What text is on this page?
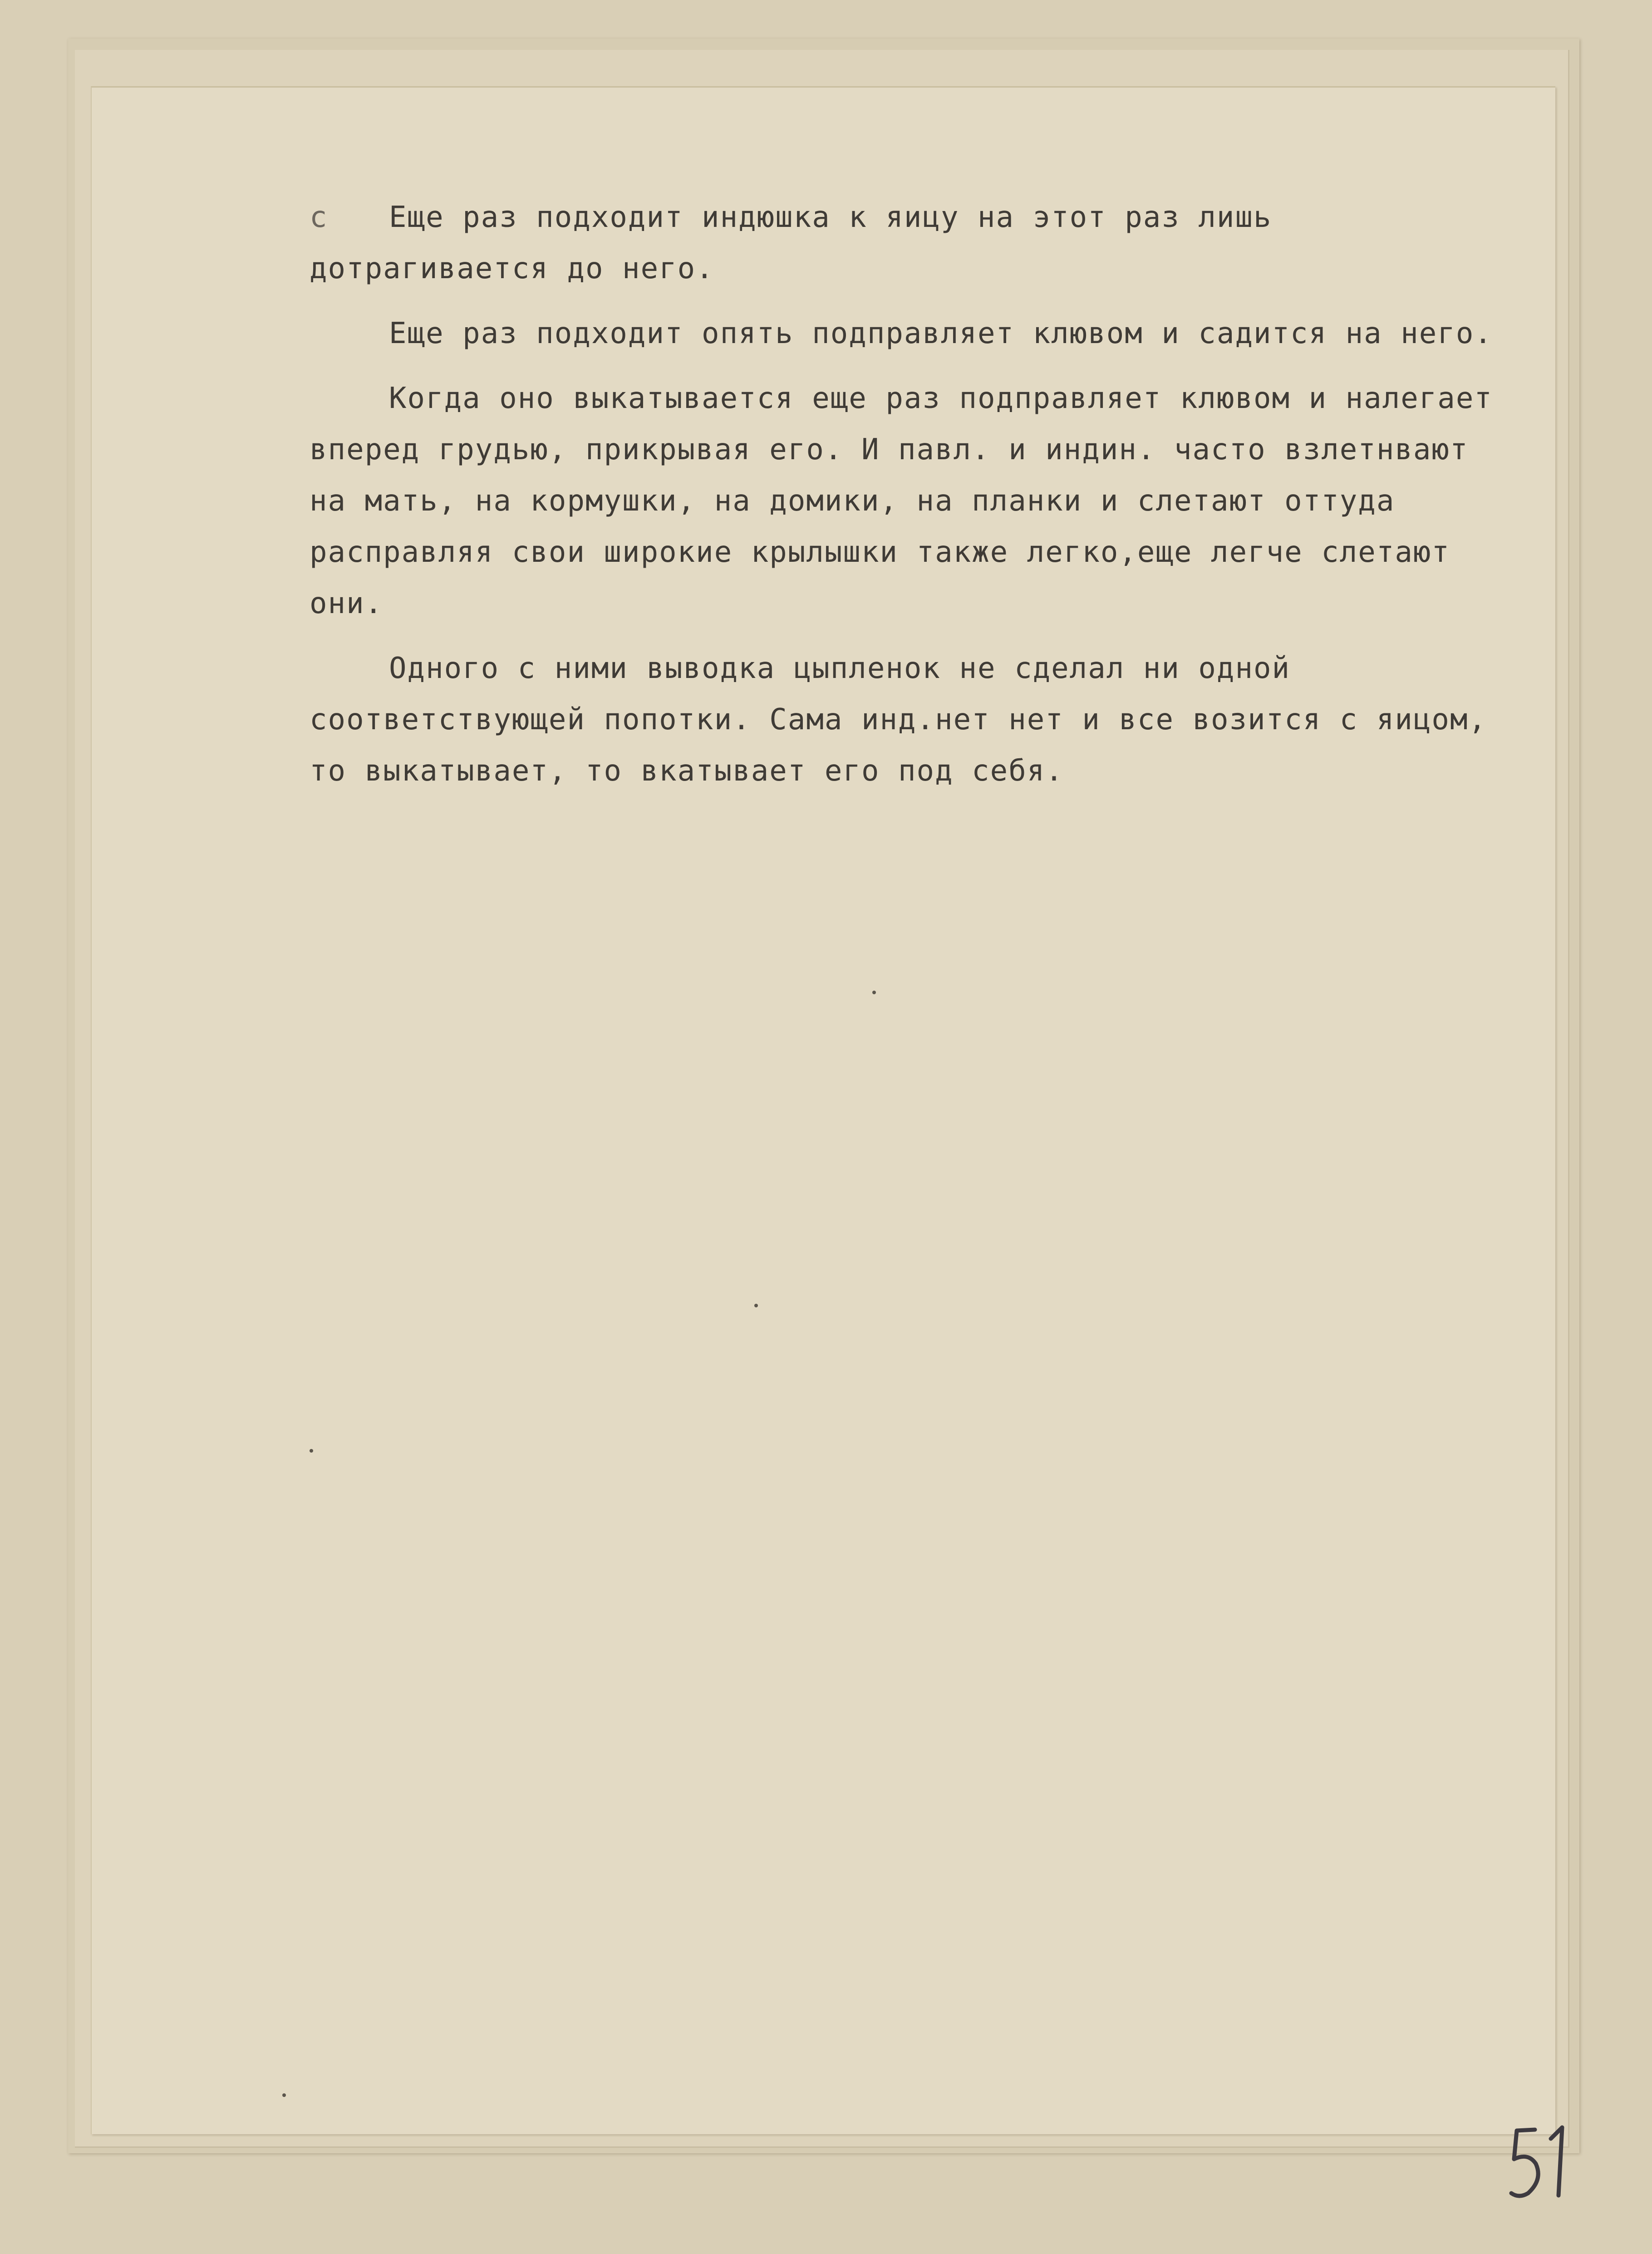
с Еще раз подходит индюшка к яицу на этот раз лишь дотрагивается до него.

Еще раз подходит опять подправляет клювом и садится на него.

Когда оно выкатывается еще раз подправляет клювом и налегает вперед грудью, прикрывая его. И павл. и индин. часто взлетнвают на мать, на кормушки, на домики, на планки и слетают оттуда расправляя свои широкие крылышки также легко,еще легче слетают они.

Одного с ними выводка цыпленок не сделал ни одной соответствующей попотки. Сама инд.нет нет и все возится с яицом, то выкатывает, то вкатывает его под себя.
